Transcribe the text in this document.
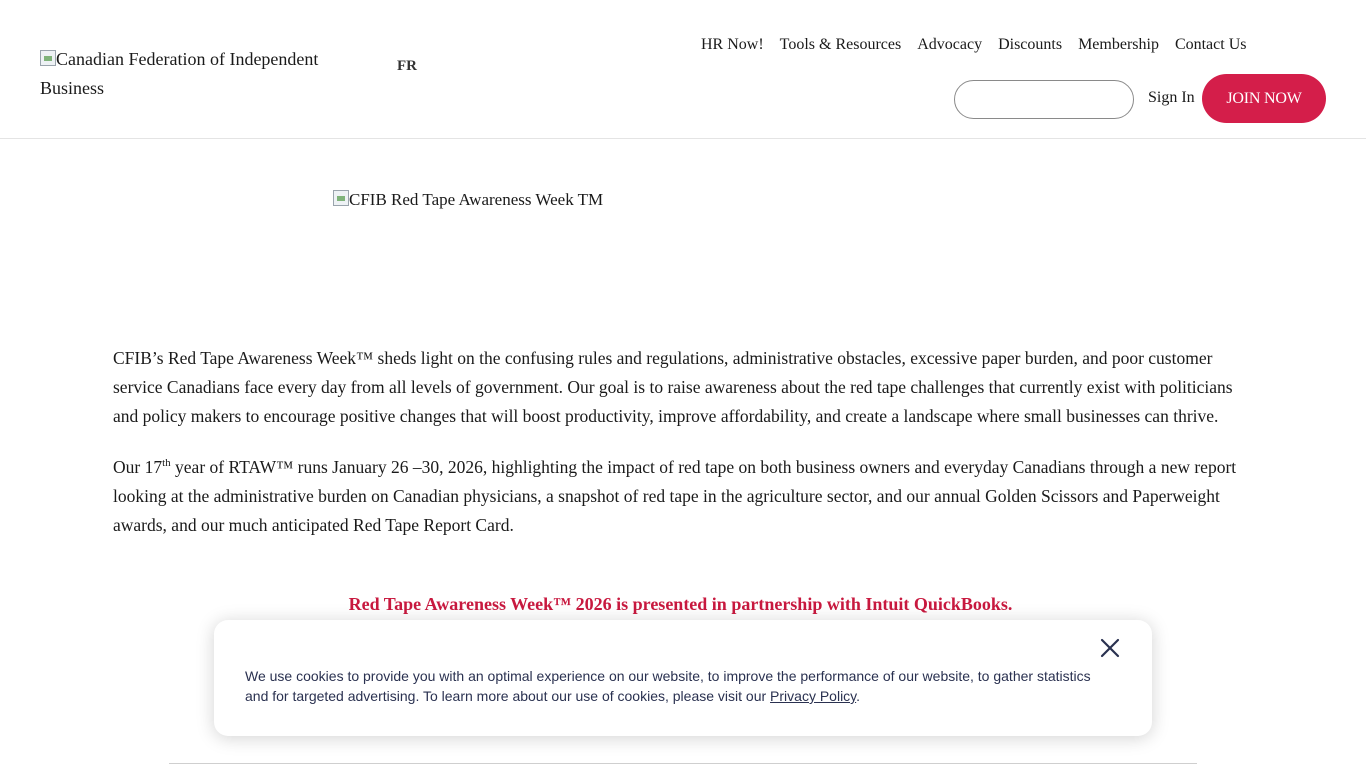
Canadian Federation of Independent Business
FR
HR Now!	Tools & Resources	Advocacy	Discounts	Membership	Contact Us
Sign In	JOIN NOW
CFIB Red Tape Awareness Week TM

CFIB’s Red Tape Awareness Week™ sheds light on the confusing rules and regulations, administrative obstacles, excessive paper burden, and poor customer service Canadians face every day from all levels of government. Our goal is to raise awareness about the red tape challenges that currently exist with politicians and policy makers to encourage positive changes that will boost productivity, improve affordability, and create a landscape where small businesses can thrive.

Our 17th year of RTAW™ runs January 26 –30, 2026, highlighting the impact of red tape on both business owners and everyday Canadians through a new report looking at the administrative burden on Canadian physicians, a snapshot of red tape in the agriculture sector, and our annual Golden Scissors and Paperweight awards, and our much anticipated Red Tape Report Card.

Red Tape Awareness Week™ 2026 is presented in partnership with Intuit QuickBooks.
We use cookies to provide you with an optimal experience on our website, to improve the performance of our website, to gather statistics and for targeted advertising. To learn more about our use of cookies, please visit our Privacy Policy.
